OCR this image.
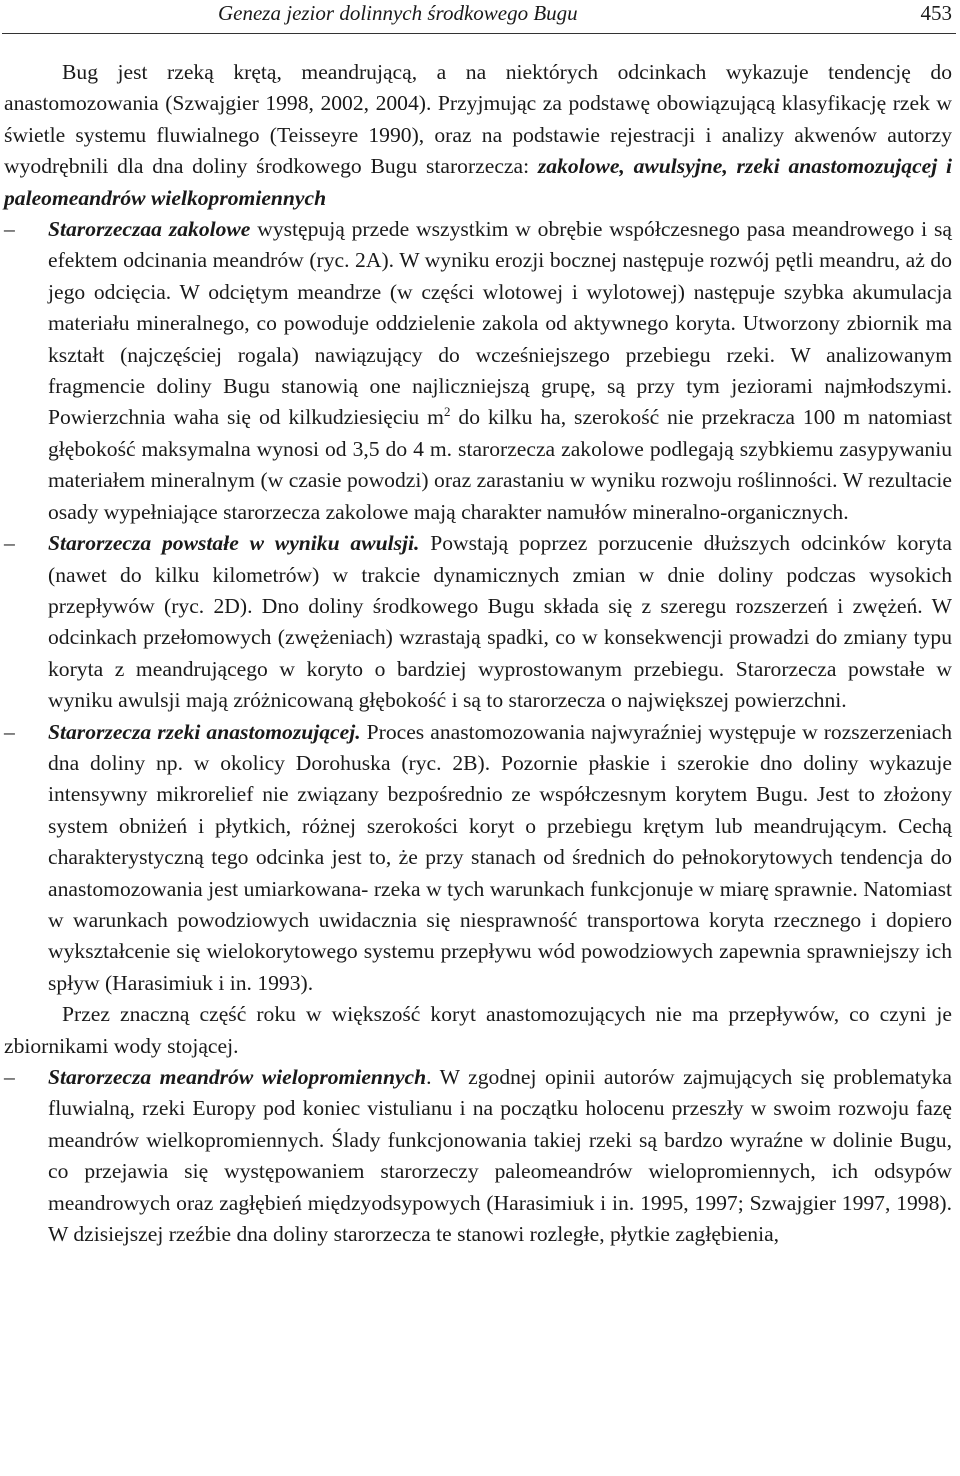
Geneza jezior dolinnych środkowego Bugu	453

Bug jest rzeką krętą, meandrującą, a na niektórych odcinkach wykazuje tendencję do anastomozowania (Szwajgier 1998, 2002, 2004). Przyjmując za podstawę obowiązującą klasyfikację rzek w świetle systemu fluwialnego (Teisseyre 1990), oraz na podstawie rejestracji i analizy akwenów autorzy wyodrębnili dla dna doliny środkowego Bugu starorzecza: zakolowe, awulsyjne, rzeki anastomozującej i paleomeandrów wielkopromiennych

– Starorzeczaa zakolowe występują przede wszystkim w obrębie współczesnego pasa meandrowego i są efektem odcinania meandrów (ryc. 2A). W wyniku erozji bocznej następuje rozwój pętli meandru, aż do jego odcięcia. W odciętym meandrze (w części wlotowej i wylotowej) następuje szybka akumulacja materiału mineralnego, co powoduje oddzielenie zakola od aktywnego koryta. Utworzony zbiornik ma kształt (najczęściej rogala) nawiązujący do wcześniejszego przebiegu rzeki. W analizowanym fragmencie doliny Bugu stanowią one najliczniejszą grupę, są przy tym jeziorami najmłodszymi. Powierzchnia waha się od kilkudziesięciu $m^2$ do kilku ha, szerokość nie przekracza 100 m natomiast głębokość maksymalna wynosi od 3,5 do 4 m. starorzecza zakolowe podlegają szybkiemu zasypywaniu materiałem mineralnym (w czasie powodzi) oraz zarastaniu w wyniku rozwoju roślinności. W rezultacie osady wypełniające starorzecza zakolowe mają charakter namułów mineralno-organicznych.

– Starorzecza powstałe w wyniku awulsji. Powstają poprzez porzucenie dłuższych odcinków koryta (nawet do kilku kilometrów) w trakcie dynamicznych zmian w dnie doliny podczas wysokich przepływów (ryc. 2D). Dno doliny środkowego Bugu składa się z szeregu rozszerzeń i zwężeń. W odcinkach przełomowych (zwężeniach) wzrastają spadki, co w konsekwencji prowadzi do zmiany typu koryta z meandrującego w koryto o bardziej wyprostowanym przebiegu. Starorzecza powstałe w wyniku awulsji mają zróżnicowaną głębokość i są to starorzecza o największej powierzchni.

– Starorzecza rzeki anastomozującej. Proces anastomozowania najwyraźniej występuje w rozszerzeniach dna doliny np. w okolicy Dorohuska (ryc. 2B). Pozornie płaskie i szerokie dno doliny wykazuje intensywny mikrorelief nie związany bezpośrednio ze współczesnym korytem Bugu. Jest to złożony system obniżeń i płytkich, różnej szerokości koryt o przebiegu krętym lub meandrującym. Cechą charakterystyczną tego odcinka jest to, że przy stanach od średnich do pełnokorytowych tendencja do anastomozowania jest umiarkowana- rzeka w tych warunkach funkcjonuje w miarę sprawnie. Natomiast w warunkach powodziowych uwidacznia się niesprawność transportowa koryta rzecznego i dopiero wykształcenie się wielokorytowego systemu przepływu wód powodziowych zapewnia sprawniejszy ich spływ (Harasimiuk i in. 1993).

Przez znaczną część roku w większość koryt anastomozujących nie ma przepływów, co czyni je zbiornikami wody stojącej.

– Starorzecza meandrów wielopromiennych. W zgodnej opinii autorów zajmujących się problematyka fluwialną, rzeki Europy pod koniec vistulianu i na początku holocenu przeszły w swoim rozwoju fazę meandrów wielkopromiennych. Ślady funkcjonowania takiej rzeki są bardzo wyraźne w dolinie Bugu, co przejawia się występowaniem starorzeczy paleomeandrów wielopromiennych, ich odsypów meandrowych oraz zagłębień międzyodsypowych (Harasimiuk i in. 1995, 1997; Szwajgier 1997, 1998). W dzisiejszej rzeźbie dna doliny starorzecza te stanowi rozległe, płytkie zagłębienia,
